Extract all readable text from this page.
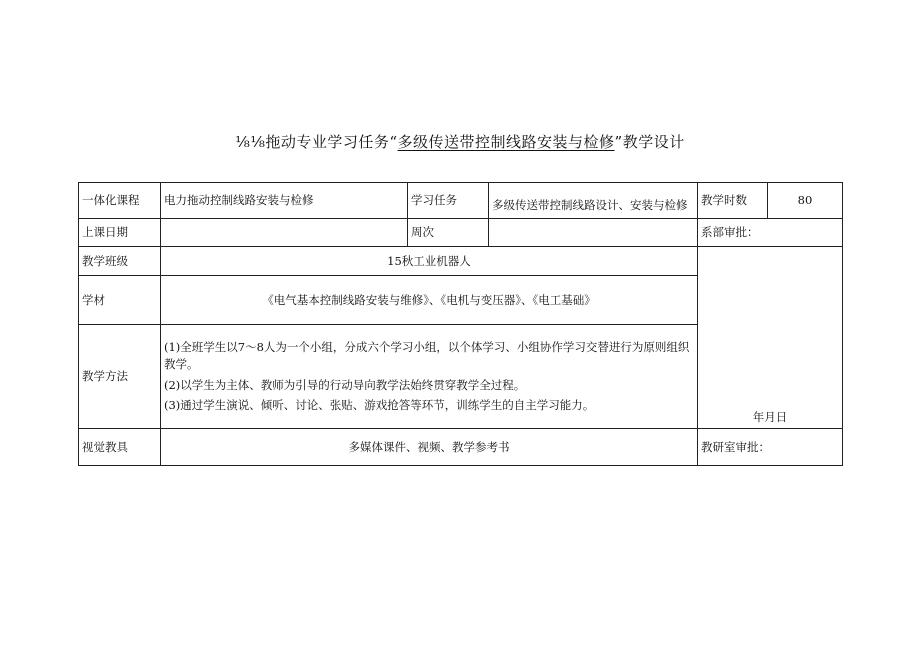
⅛⅛拖动专业学习任务“多级传送带控制线路安装与检修”教学设计
一体化课程	电力拖动控制线路安装与检修	学习任务	多级传送带控制线路设计、安装与检修	教学时数	80
上课日期		周次		系部审批：	
教学班级	15秋工业机器人			年月日	
学材	《电气基本控制线路安装与维修》、《电机与变压器》、《电工基础》				
教学方法	(1)全班学生以7～8人为一个小组，分成六个学习小组，以个体学习、小组协作学习交替进行为原则组织教学。

(2)以学生为主体、教师为引导的行动导向教学法始终贯穿教学全过程。

(3)通过学生演说、倾听、讨论、张贴、游戏抢答等环节，训练学生的自主学习能力。				

视觉教具	多媒体课件、视频、教学参考书			教研室审批：	
